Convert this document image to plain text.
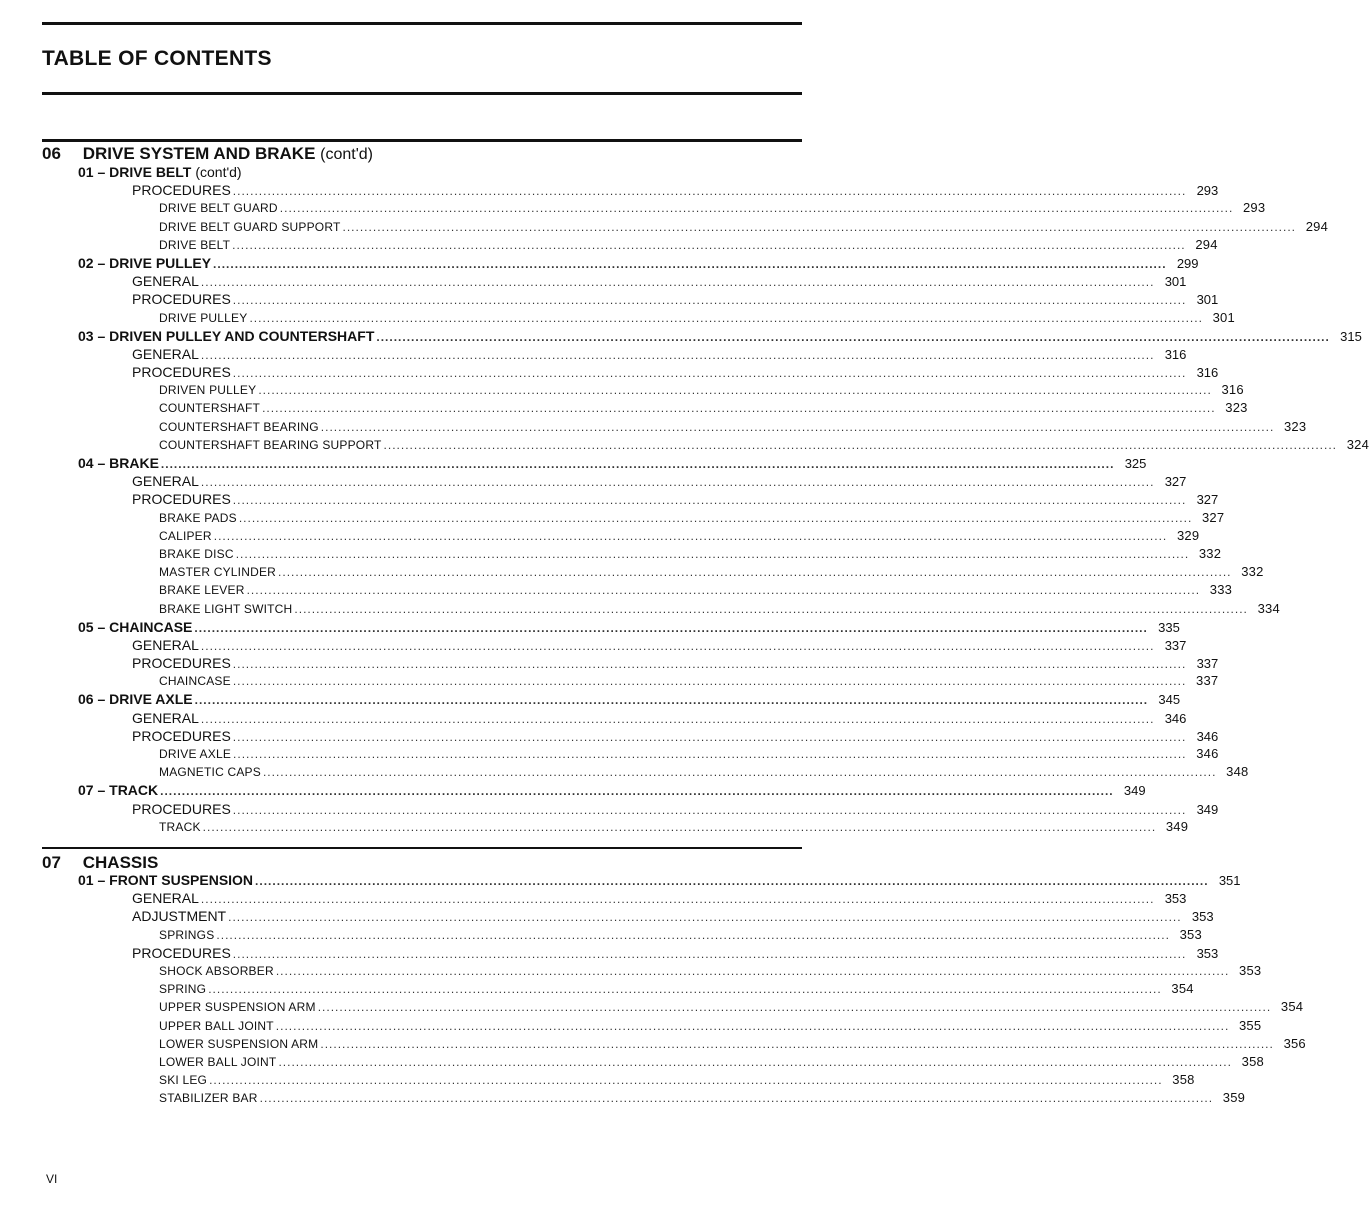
TABLE OF CONTENTS
06 DRIVE SYSTEM AND BRAKE (cont'd)
01 – DRIVE BELT (cont'd)
PROCEDURES ............................................................................................................................................................................................................................ 293
DRIVE BELT GUARD ............................................................................................................................................................................................................................ 293
DRIVE BELT GUARD SUPPORT ............................................................................................................................................................................................................................ 294
DRIVE BELT ............................................................................................................................................................................................................................ 294
02 – DRIVE PULLEY ............................................................................................................................................................................................................................ 299
GENERAL ............................................................................................................................................................................................................................ 301
PROCEDURES ............................................................................................................................................................................................................................ 301
DRIVE PULLEY ............................................................................................................................................................................................................................ 301
03 – DRIVEN PULLEY AND COUNTERSHAFT ............................................................................................................................................................................................................................ 315
GENERAL ............................................................................................................................................................................................................................ 316
PROCEDURES ............................................................................................................................................................................................................................ 316
DRIVEN PULLEY ............................................................................................................................................................................................................................ 316
COUNTERSHAFT ............................................................................................................................................................................................................................ 323
COUNTERSHAFT BEARING ............................................................................................................................................................................................................................ 323
COUNTERSHAFT BEARING SUPPORT ............................................................................................................................................................................................................................ 324
04 – BRAKE ............................................................................................................................................................................................................................ 325
GENERAL ............................................................................................................................................................................................................................ 327
PROCEDURES ............................................................................................................................................................................................................................ 327
BRAKE PADS ............................................................................................................................................................................................................................ 327
CALIPER ............................................................................................................................................................................................................................ 329
BRAKE DISC ............................................................................................................................................................................................................................ 332
MASTER CYLINDER ............................................................................................................................................................................................................................ 332
BRAKE LEVER ............................................................................................................................................................................................................................ 333
BRAKE LIGHT SWITCH ............................................................................................................................................................................................................................ 334
05 – CHAINCASE ............................................................................................................................................................................................................................ 335
GENERAL ............................................................................................................................................................................................................................ 337
PROCEDURES ............................................................................................................................................................................................................................ 337
CHAINCASE ............................................................................................................................................................................................................................ 337
06 – DRIVE AXLE ............................................................................................................................................................................................................................ 345
GENERAL ............................................................................................................................................................................................................................ 346
PROCEDURES ............................................................................................................................................................................................................................ 346
DRIVE AXLE ............................................................................................................................................................................................................................ 346
MAGNETIC CAPS ............................................................................................................................................................................................................................ 348
07 – TRACK ............................................................................................................................................................................................................................ 349
PROCEDURES ............................................................................................................................................................................................................................ 349
TRACK ............................................................................................................................................................................................................................ 349
07 CHASSIS
01 – FRONT SUSPENSION ............................................................................................................................................................................................................................ 351
GENERAL ............................................................................................................................................................................................................................ 353
ADJUSTMENT ............................................................................................................................................................................................................................ 353
SPRINGS ............................................................................................................................................................................................................................ 353
PROCEDURES ............................................................................................................................................................................................................................ 353
SHOCK ABSORBER ............................................................................................................................................................................................................................ 353
SPRING ............................................................................................................................................................................................................................ 354
UPPER SUSPENSION ARM ............................................................................................................................................................................................................................ 354
UPPER BALL JOINT ............................................................................................................................................................................................................................ 355
LOWER SUSPENSION ARM ............................................................................................................................................................................................................................ 356
LOWER BALL JOINT ............................................................................................................................................................................................................................ 358
SKI LEG ............................................................................................................................................................................................................................ 358
STABILIZER BAR ............................................................................................................................................................................................................................ 359
VI
